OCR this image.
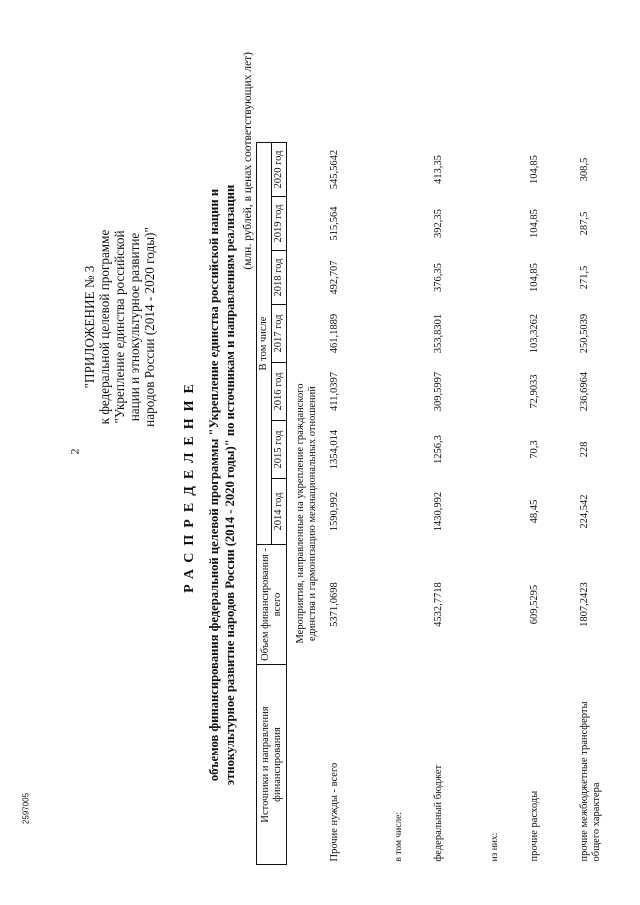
2
2597005
"ПРИЛОЖЕНИЕ № 3 к федеральной целевой программе "Укрепление единства российской нации и этнокультурное развитие народов России (2014 - 2020 годы)"
РАСПРЕДЕЛЕНИЕ объемов финансирования федеральной целевой программы "Укрепление единства российской нации и этнокультурное развитие народов России (2014 - 2020 годы)" по источникам и направлениям реализации
(млн. рублей, в ценах соответствующих лет)
Источники и направления финансирования	Объем финансирования - всего	В том числе						
		2014 год	2015 год	2016 год	2017 год	2018 год	2019 год	2020 год
	Мероприятия, направленные на укрепление гражданского единства и гармонизацию межнациональных отношений							
Прочие нужды - всего	5371,0698	1590,992	1354,014	411,0397	461,1889	492,707	515,564	545,5642
в том числе:								
федеральный бюджет	4532,7718	1430,992	1256,3	309,5997	353,8301	376,35	392,35	413,35
из них:								
прочие расходы	609,5295	48,45	70,3	72,9033	103,3262	104,85	104,85	104,85
прочие межбюджетные трансферты общего характера	1807,2423	224,542	228	236,6964	250,5039	271,5	287,5	308,5
